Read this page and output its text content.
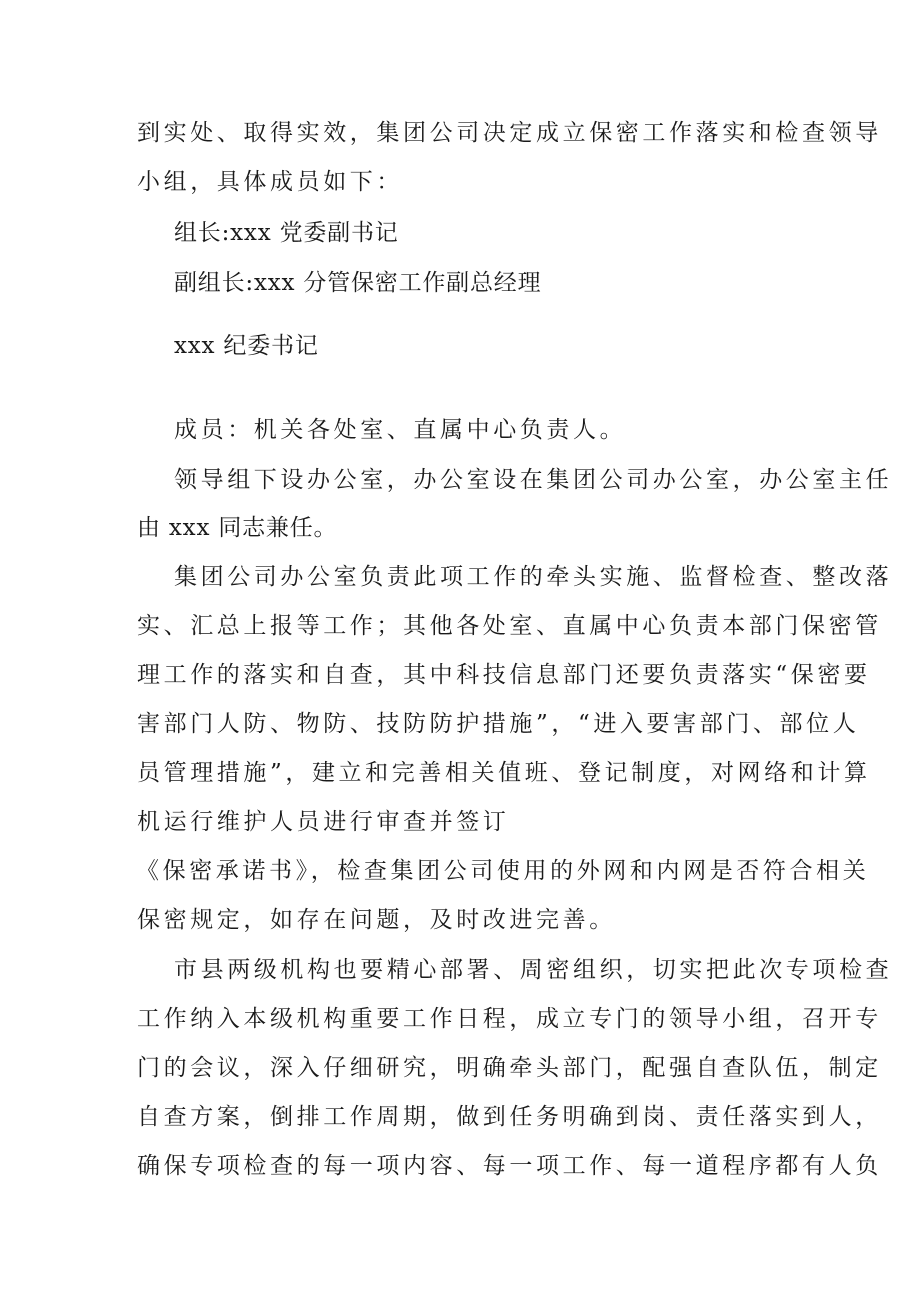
到实处、取得实效，集团公司决定成立保密工作落实和检查领导
小组，具体成员如下：
组长:xxx 党委副书记
副组长:xxx 分管保密工作副总经理
xxx 纪委书记
成员：机关各处室、直属中心负责人。
领导组下设办公室，办公室设在集团公司办公室，办公室主任
由 xxx 同志兼任。
集团公司办公室负责此项工作的牵头实施、监督检查、整改落
实、汇总上报等工作；其他各处室、直属中心负责本部门保密管
理工作的落实和自查，其中科技信息部门还要负责落实“保密要
害部门人防、物防、技防防护措施”，“进入要害部门、部位人
员管理措施”，建立和完善相关值班、登记制度，对网络和计算
机运行维护人员进行审查并签订
《保密承诺书》，检查集团公司使用的外网和内网是否符合相关
保密规定，如存在问题，及时改进完善。
市县两级机构也要精心部署、周密组织，切实把此次专项检查
工作纳入本级机构重要工作日程，成立专门的领导小组，召开专
门的会议，深入仔细研究，明确牵头部门，配强自查队伍，制定
自查方案，倒排工作周期，做到任务明确到岗、责任落实到人，
确保专项检查的每一项内容、每一项工作、每一道程序都有人负
